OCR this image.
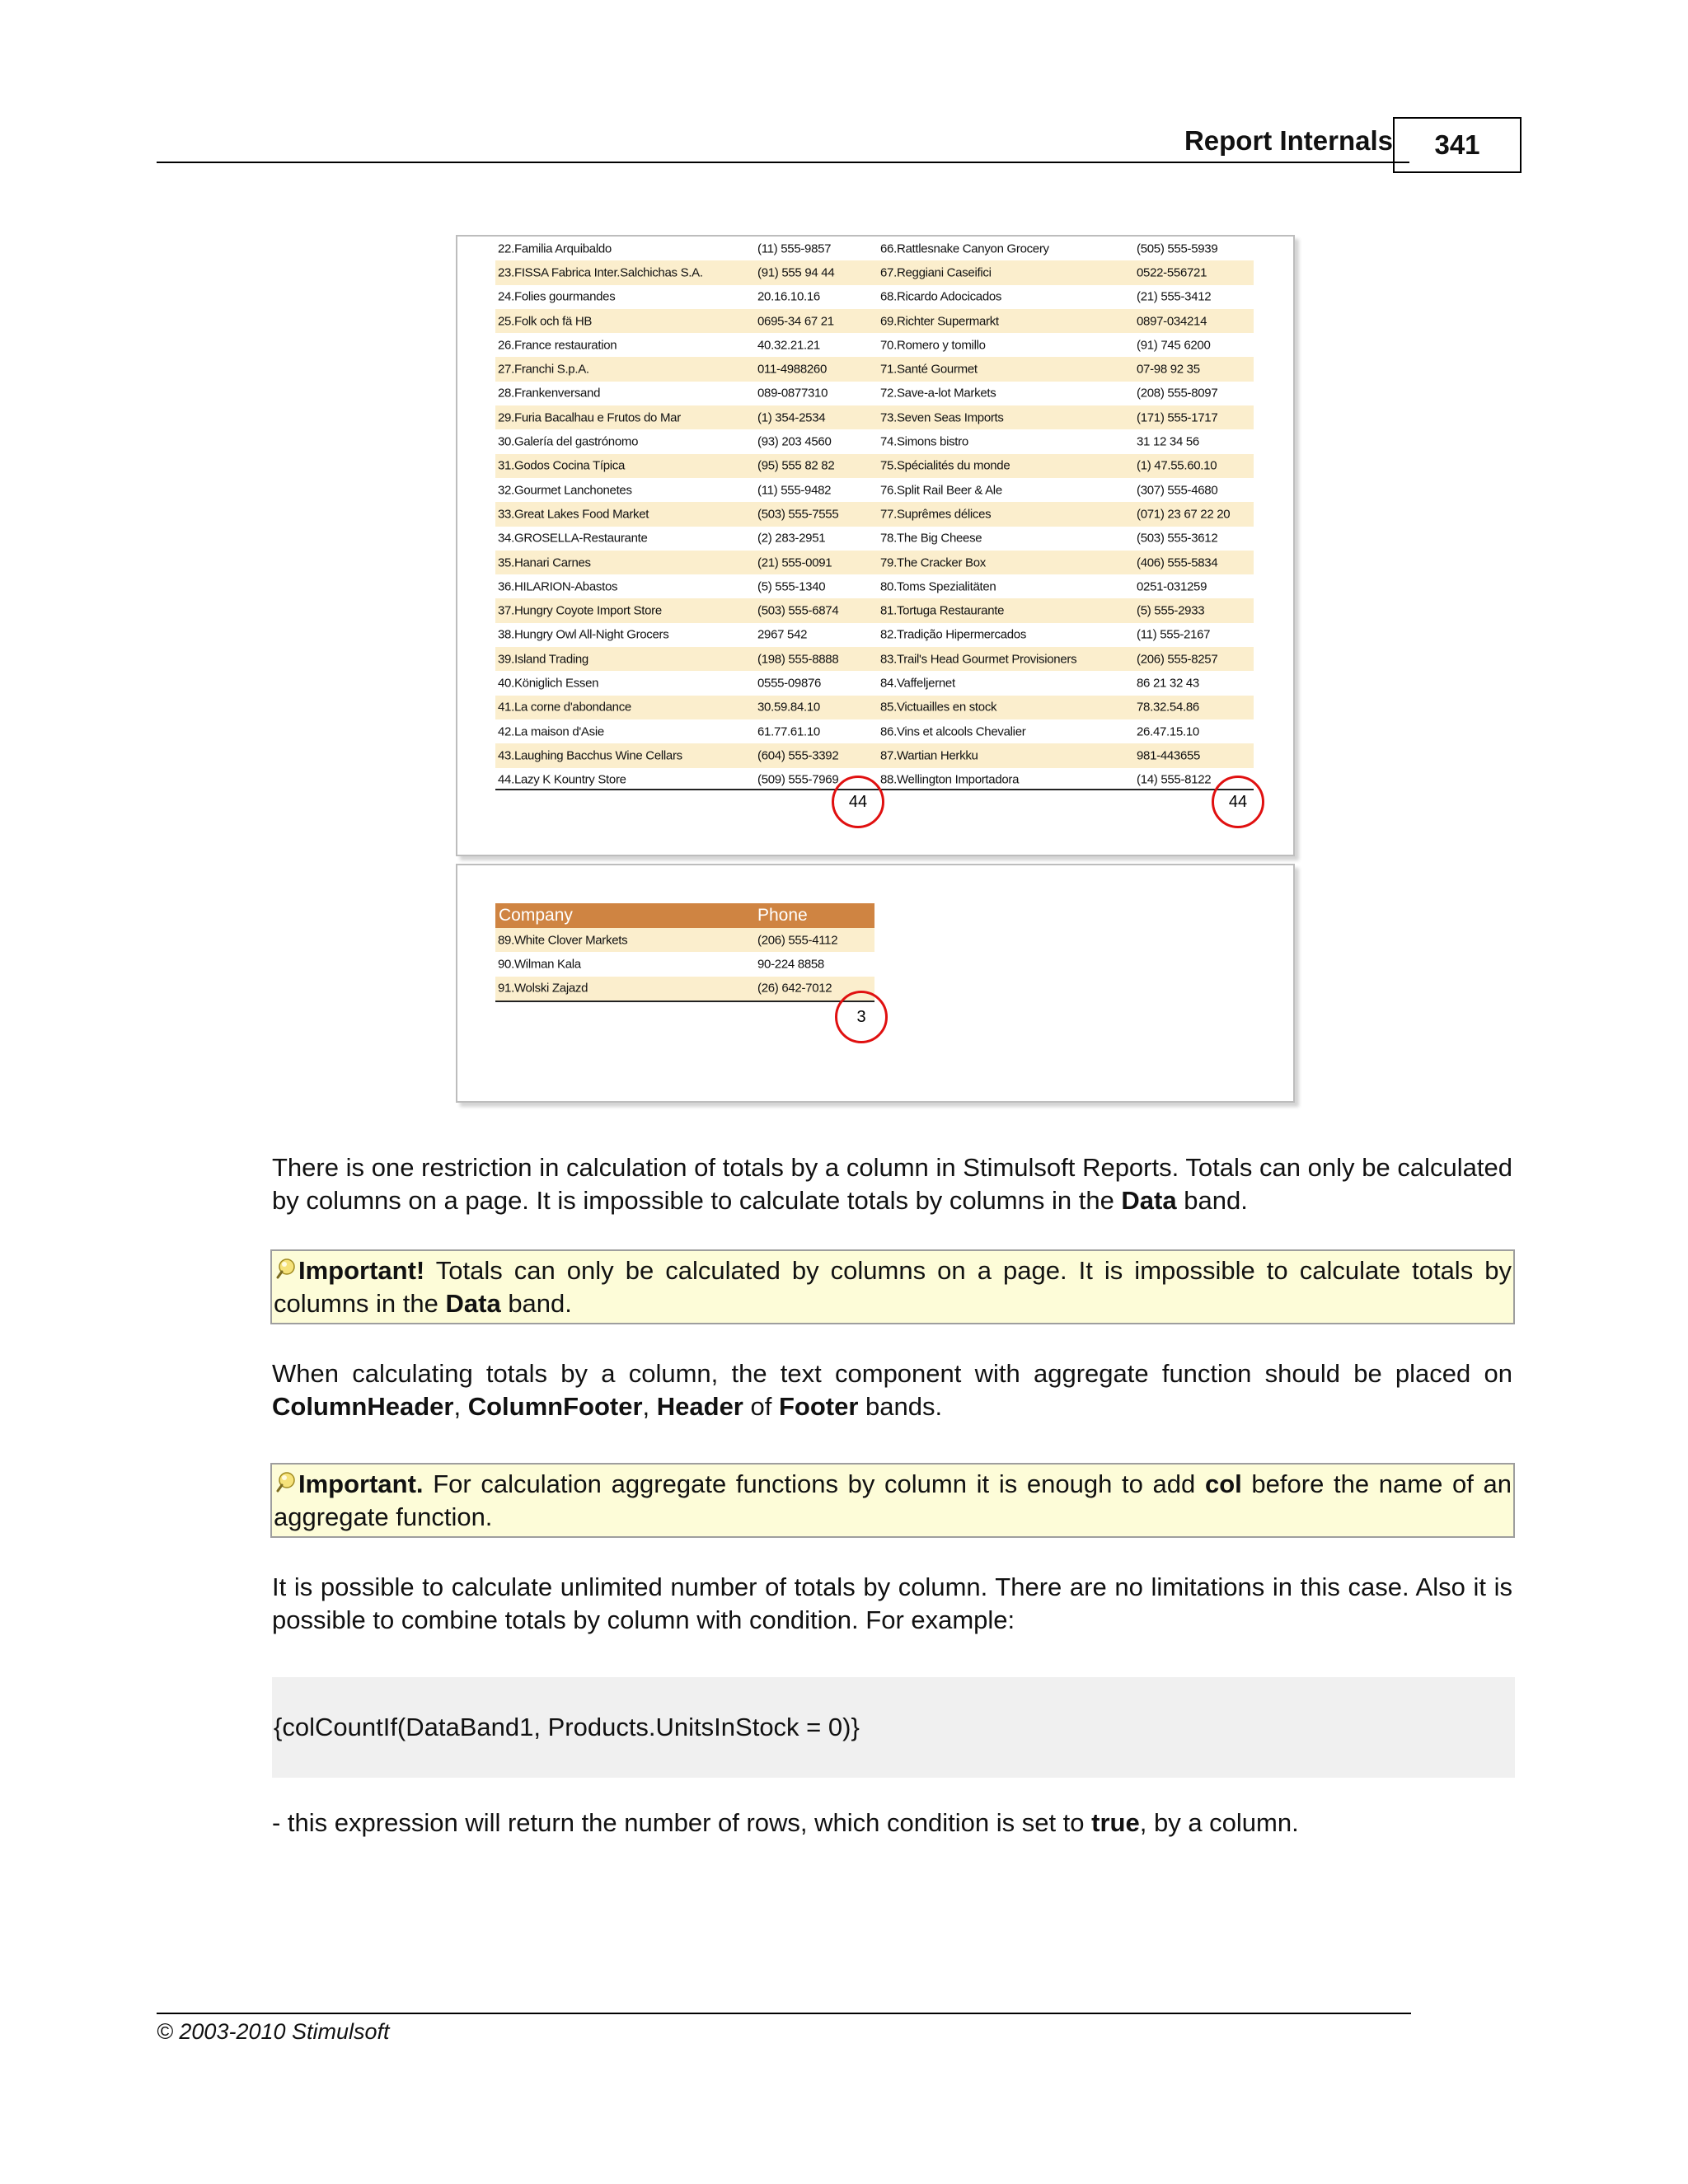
Report Internals	341
22.Familia Arquibaldo	(11) 555-9857	66.Rattlesnake Canyon Grocery	(505) 555-5939
23.FISSA Fabrica Inter.Salchichas S.A.	(91) 555 94 44	67.Reggiani Caseifici	0522-556721
24.Folies gourmandes	20.16.10.16	68.Ricardo Adocicados	(21) 555-3412
25.Folk och fä HB	0695-34 67 21	69.Richter Supermarkt	0897-034214
26.France restauration	40.32.21.21	70.Romero y tomillo	(91) 745 6200
27.Franchi S.p.A.	011-4988260	71.Santé Gourmet	07-98 92 35
28.Frankenversand	089-0877310	72.Save-a-lot Markets	(208) 555-8097
29.Furia Bacalhau e Frutos do Mar	(1) 354-2534	73.Seven Seas Imports	(171) 555-1717
30.Galería del gastrónomo	(93) 203 4560	74.Simons bistro	31 12 34 56
31.Godos Cocina Típica	(95) 555 82 82	75.Spécialités du monde	(1) 47.55.60.10
32.Gourmet Lanchonetes	(11) 555-9482	76.Split Rail Beer & Ale	(307) 555-4680
33.Great Lakes Food Market	(503) 555-7555	77.Suprêmes délices	(071) 23 67 22 20
34.GROSELLA-Restaurante	(2) 283-2951	78.The Big Cheese	(503) 555-3612
35.Hanari Carnes	(21) 555-0091	79.The Cracker Box	(406) 555-5834
36.HILARION-Abastos	(5) 555-1340	80.Toms Spezialitäten	0251-031259
37.Hungry Coyote Import Store	(503) 555-6874	81.Tortuga Restaurante	(5) 555-2933
38.Hungry Owl All-Night Grocers	2967 542	82.Tradição Hipermercados	(11) 555-2167
39.Island Trading	(198) 555-8888	83.Trail's Head Gourmet Provisioners	(206) 555-8257
40.Königlich Essen	0555-09876	84.Vaffeljernet	86 21 32 43
41.La corne d'abondance	30.59.84.10	85.Victuailles en stock	78.32.54.86
42.La maison d'Asie	61.77.61.10	86.Vins et alcools Chevalier	26.47.15.10
43.Laughing Bacchus Wine Cellars	(604) 555-3392	87.Wartian Herkku	981-443655
44.Lazy K Kountry Store	(509) 555-7969	88.Wellington Importadora	(14) 555-8122
44	44
Company	Phone
89.White Clover Markets	(206) 555-4112
90.Wilman Kala	90-224 8858
91.Wolski Zajazd	(26) 642-7012
3
There is one restriction in calculation of totals by a column in Stimulsoft Reports. Totals can only be calculated by columns on a page. It is impossible to calculate totals by columns in the Data band.
Important! Totals can only be calculated by columns on a page. It is impossible to calculate totals by columns in the Data band.
When calculating totals by a column, the text component with aggregate function should be placed on ColumnHeader, ColumnFooter, Header of Footer bands.
Important. For calculation aggregate functions by column it is enough to add col before the name of an aggregate function.
It is possible to calculate unlimited number of totals by column. There are no limitations in this case. Also it is possible to combine totals by column with condition. For example:
{colCountIf(DataBand1, Products.UnitsInStock = 0)}
- this expression will return the number of rows, which condition is set to true, by a column.
© 2003-2010 Stimulsoft
